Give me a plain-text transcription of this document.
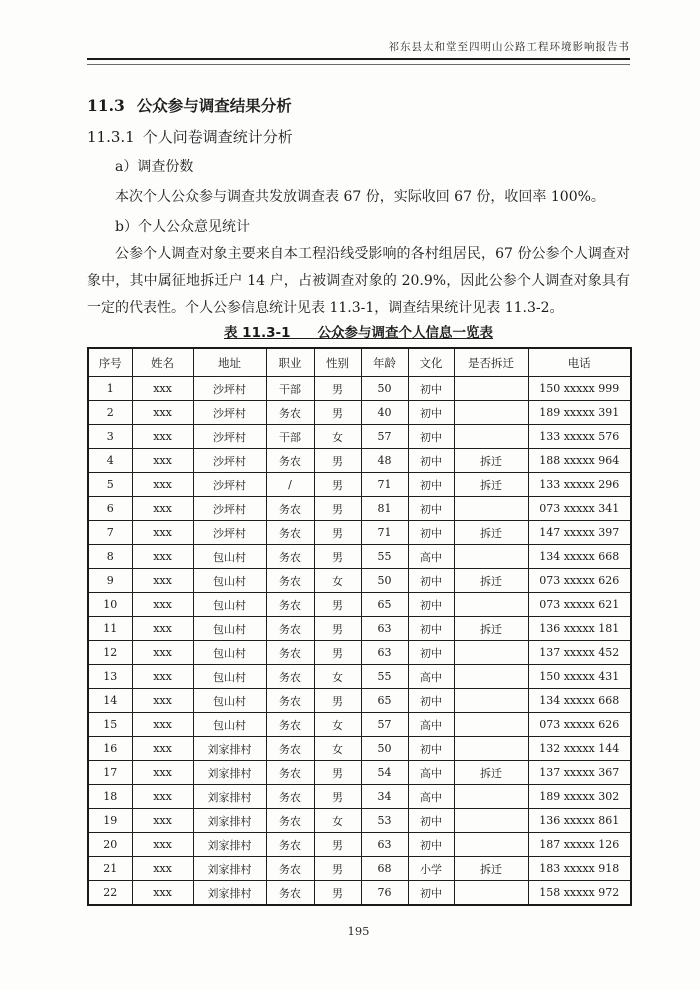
祁东县太和堂至四明山公路工程环境影响报告书
11.3 公众参与调查结果分析
11.3.1 个人问卷调查统计分析
a）调查份数
本次个人公众参与调查共发放调查表 67 份，实际收回 67 份，收回率 100%。
b）个人公众意见统计
公参个人调查对象主要来自本工程沿线受影响的各村组居民，67 份公参个人调查对象中，其中属征地拆迁户 14 户，占被调查对象的 20.9%，因此公参个人调查对象具有一定的代表性。个人公参信息统计见表 11.3-1，调查结果统计见表 11.3-2。
表 11.3-1　　公众参与调查个人信息一览表
序号	姓名	地址	职业	性别	年龄	文化	是否拆迁	电话
1	xxx	沙坪村	干部	男	50	初中		150 xxxxx 999
2	xxx	沙坪村	务农	男	40	初中		189 xxxxx 391
3	xxx	沙坪村	干部	女	57	初中		133 xxxxx 576
4	xxx	沙坪村	务农	男	48	初中	拆迁	188 xxxxx 964
5	xxx	沙坪村	/	男	71	初中	拆迁	133 xxxxx 296
6	xxx	沙坪村	务农	男	81	初中		073 xxxxx 341
7	xxx	沙坪村	务农	男	71	初中	拆迁	147 xxxxx 397
8	xxx	包山村	务农	男	55	高中		134 xxxxx 668
9	xxx	包山村	务农	女	50	初中	拆迁	073 xxxxx 626
10	xxx	包山村	务农	男	65	初中		073 xxxxx 621
11	xxx	包山村	务农	男	63	初中	拆迁	136 xxxxx 181
12	xxx	包山村	务农	男	63	初中		137 xxxxx 452
13	xxx	包山村	务农	女	55	高中		150 xxxxx 431
14	xxx	包山村	务农	男	65	初中		134 xxxxx 668
15	xxx	包山村	务农	女	57	高中		073 xxxxx 626
16	xxx	刘家排村	务农	女	50	初中		132 xxxxx 144
17	xxx	刘家排村	务农	男	54	高中	拆迁	137 xxxxx 367
18	xxx	刘家排村	务农	男	34	高中		189 xxxxx 302
19	xxx	刘家排村	务农	女	53	初中		136 xxxxx 861
20	xxx	刘家排村	务农	男	63	初中		187 xxxxx 126
21	xxx	刘家排村	务农	男	68	小学	拆迁	183 xxxxx 918
22	xxx	刘家排村	务农	男	76	初中		158 xxxxx 972
195
